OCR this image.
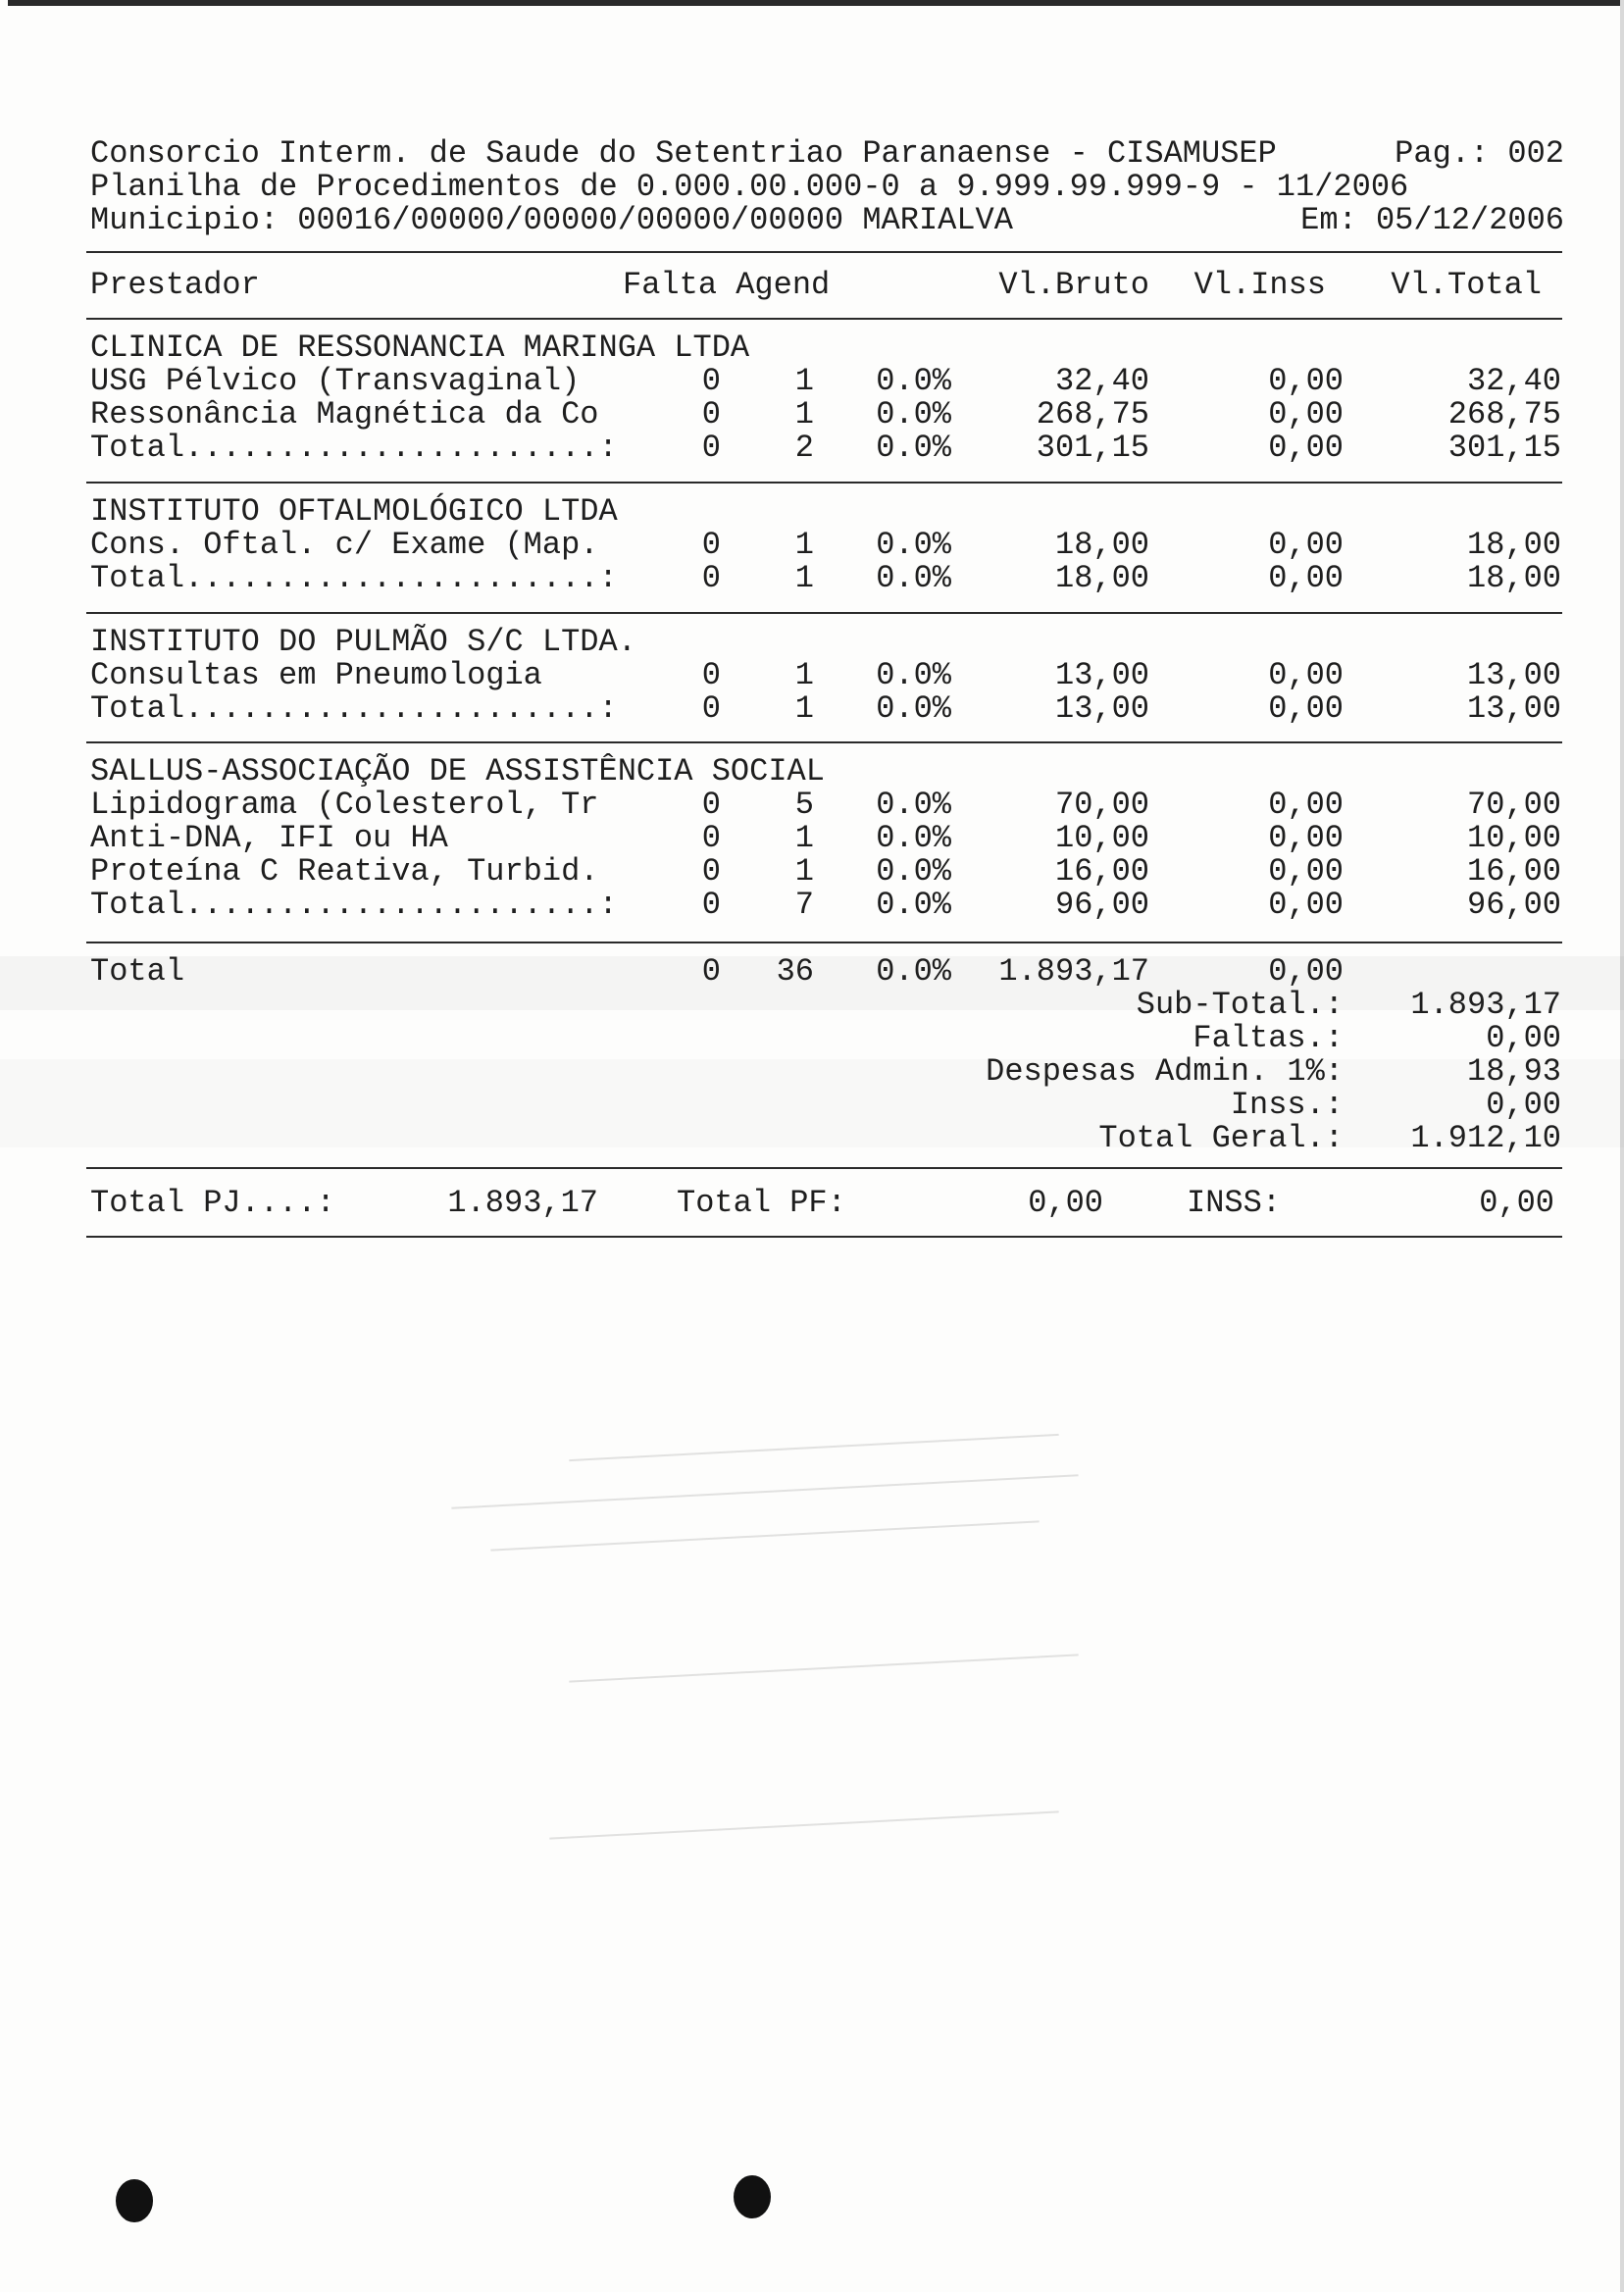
Consorcio Interm. de Saude do Setentriao Paranaense - CISAMUSEP	Pag.: 002
Planilha de Procedimentos de 0.000.00.000-0 a 9.999.99.999-9 - 11/2006
Municipio: 00016/00000/00000/00000/00000 MARIALVA	Em: 05/12/2006
Prestador	Falta Agend	Vl.Bruto	Vl.Inss	Vl.Total
CLINICA DE RESSONANCIA MARINGA LTDA
USG Pélvico (Transvaginal)	0	1	0.0%	32,40	0,00	32,40
Ressonância Magnética da Co	0	1	0.0%	268,75	0,00	268,75
Total......................:	0	2	0.0%	301,15	0,00	301,15
INSTITUTO OFTALMOLÓGICO LTDA
Cons. Oftal. c/ Exame (Map.	0	1	0.0%	18,00	0,00	18,00
Total......................:	0	1	0.0%	18,00	0,00	18,00
INSTITUTO DO PULMÃO S/C LTDA.
Consultas em Pneumologia	0	1	0.0%	13,00	0,00	13,00
Total......................:	0	1	0.0%	13,00	0,00	13,00
SALLUS-ASSOCIAÇÃO DE ASSISTÊNCIA SOCIAL
Lipidograma (Colesterol, Tr	0	5	0.0%	70,00	0,00	70,00
Anti-DNA, IFI ou HA	0	1	0.0%	10,00	0,00	10,00
Proteína C Reativa, Turbid.	0	1	0.0%	16,00	0,00	16,00
Total......................:	0	7	0.0%	96,00	0,00	96,00
Total	0	36	0.0%	1.893,17	0,00
Sub-Total.:	1.893,17
Faltas.:	0,00
Despesas Admin. 1%:	18,93
Inss.:	0,00
Total Geral.:	1.912,10
Total PJ....:	1.893,17	Total PF:	0,00	INSS:	0,00
